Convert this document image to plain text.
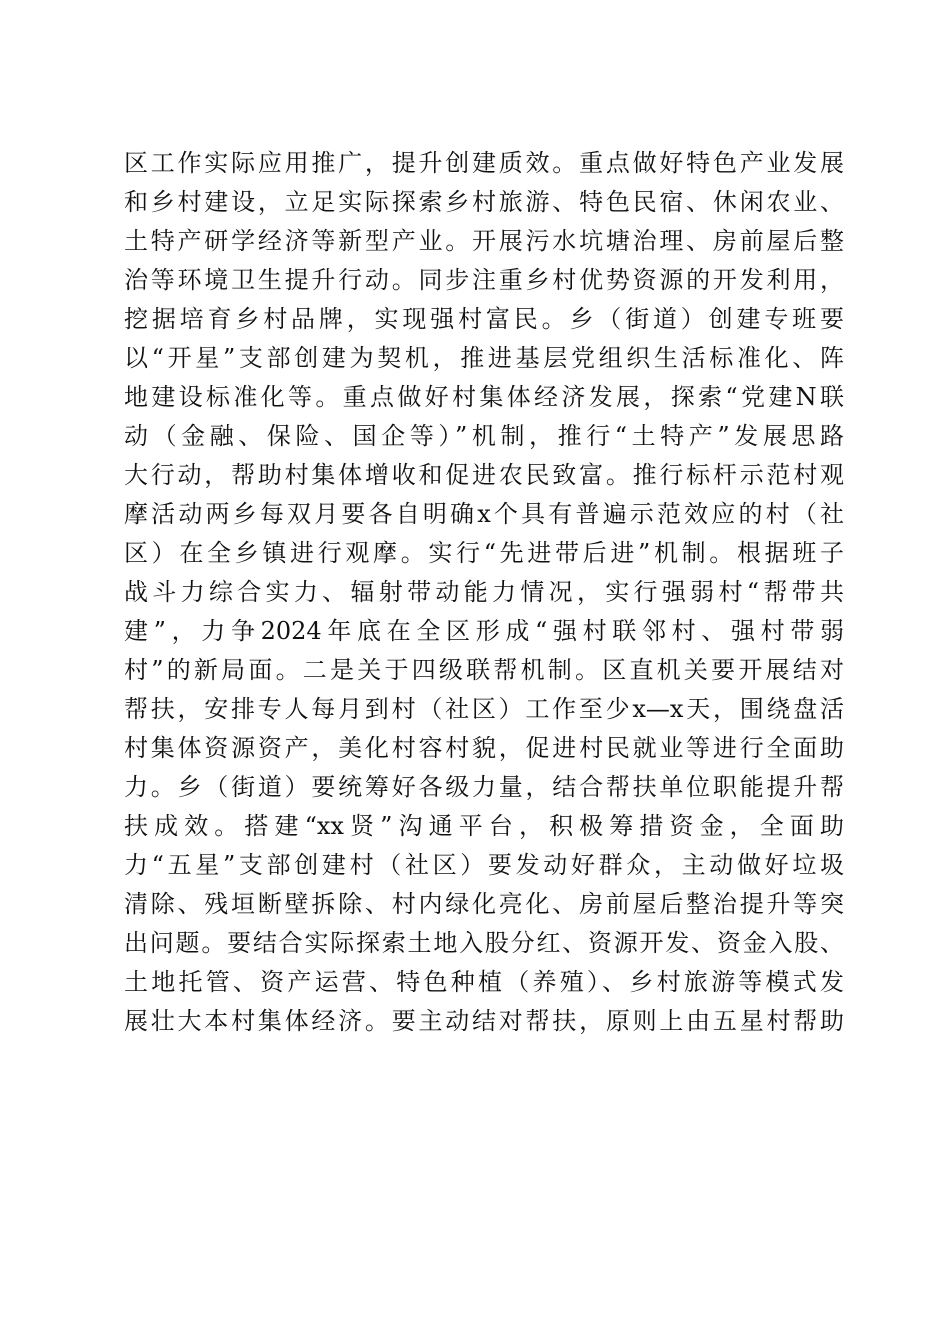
区工作实际应用推广，提升创建质效。重点做好特色产业发展
和乡村建设，立足实际探索乡村旅游、特色民宿、休闲农业、
土特产研学经济等新型产业。开展污水坑塘治理、房前屋后整
治等环境卫生提升行动。同步注重乡村优势资源的开发利用，
挖据培育乡村品牌，实现强村富民。乡（街道）创建专班要
以“开星”支部创建为契机，推进基层党组织生活标准化、阵
地建设标准化等。重点做好村集体经济发展，探索“党建N联
动（金融、保险、国企等）”机制，推行“土特产”发展思路
大行动，帮助村集体增收和促进农民致富。推行标杆示范村观
摩活动两乡每双月要各自明确x个具有普遍示范效应的村（社
区）在全乡镇进行观摩。实行“先进带后进”机制。根据班子
战斗力综合实力、辐射带动能力情况，实行强弱村“帮带共
建”，力争2024年底在全区形成“强村联邻村、强村带弱
村”的新局面。二是关于四级联帮机制。区直机关要开展结对
帮扶，安排专人每月到村（社区）工作至少x—x天，围绕盘活
村集体资源资产，美化村容村貌，促进村民就业等进行全面助
力。乡（街道）要统筹好各级力量，结合帮扶单位职能提升帮
扶成效。搭建“xx贤”沟通平台，积极筹措资金，全面助
力“五星”支部创建村（社区）要发动好群众，主动做好垃圾
清除、残垣断壁拆除、村内绿化亮化、房前屋后整治提升等突
出问题。要结合实际探索土地入股分红、资源开发、资金入股、
土地托管、资产运营、特色种植（养殖）、乡村旅游等模式发
展壮大本村集体经济。要主动结对帮扶，原则上由五星村帮助
